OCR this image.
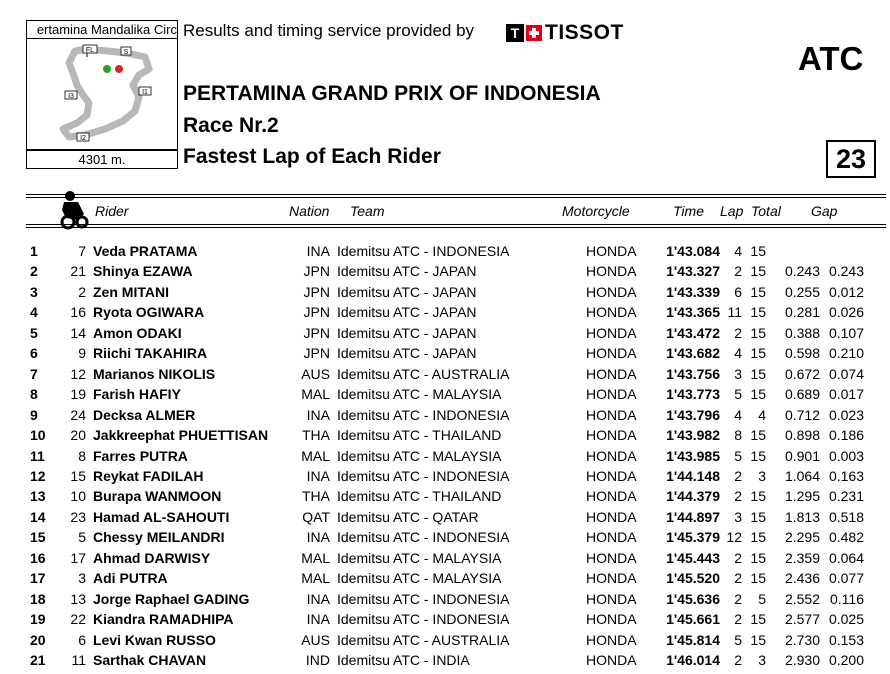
ertamina Mandalika Circ Results and timing service provided by	T TISSOT
FL	S
I3
I1
I2
4301 m.
PERTAMINA GRAND PRIX OF INDONESIA
Race Nr.2
Fastest Lap of Each Rider
ATC
23
Rider	Nation Team	Motorcycle	Time Lap Total Gap
1	7 Veda PRATAMA	INA Idemitsu ATC - INDONESIA	HONDA	1'43.084	4 15
2	21 Shinya EZAWA	JPN Idemitsu ATC - JAPAN	HONDA	1'43.327	2 15	0.243 0.243
3	2 Zen MITANI	JPN Idemitsu ATC - JAPAN	HONDA	1'43.339	6 15	0.255 0.012
4	16 Ryota OGIWARA	JPN Idemitsu ATC - JAPAN	HONDA	1'43.365 11 15	0.281 0.026
5	14 Amon ODAKI	JPN Idemitsu ATC - JAPAN	HONDA	1'43.472	2 15	0.388 0.107
6	9 Riichi TAKAHIRA	JPN Idemitsu ATC - JAPAN	HONDA	1'43.682	4 15	0.598 0.210
7	12 Marianos NIKOLIS	AUS Idemitsu ATC - AUSTRALIA	HONDA	1'43.756	3 15	0.672 0.074
8	19 Farish HAFIY	MAL Idemitsu ATC - MALAYSIA	HONDA	1'43.773	5 15	0.689 0.017
9	24 Decksa ALMER	INA Idemitsu ATC - INDONESIA	HONDA	1'43.796	4	4	0.712 0.023
10	20 Jakkreephat PHUETTISAN	THA Idemitsu ATC - THAILAND	HONDA	1'43.982	8 15	0.898 0.186
11	8 Farres PUTRA	MAL Idemitsu ATC - MALAYSIA	HONDA	1'43.985	5 15	0.901 0.003
12	15 Reykat FADILAH	INA Idemitsu ATC - INDONESIA	HONDA	1'44.148	2	3	1.064 0.163
13	10 Burapa WANMOON	THA Idemitsu ATC - THAILAND	HONDA	1'44.379	2 15	1.295 0.231
14	23 Hamad AL-SAHOUTI	QAT Idemitsu ATC - QATAR	HONDA	1'44.897	3 15	1.813 0.518
15	5 Chessy MEILANDRI	INA Idemitsu ATC - INDONESIA	HONDA	1'45.379 12 15	2.295 0.482
16	17 Ahmad DARWISY	MAL Idemitsu ATC - MALAYSIA	HONDA	1'45.443	2 15	2.359 0.064
17	3 Adi PUTRA	MAL Idemitsu ATC - MALAYSIA	HONDA	1'45.520	2 15	2.436 0.077
18	13 Jorge Raphael GADING	INA Idemitsu ATC - INDONESIA	HONDA	1'45.636	2	5	2.552 0.116
19	22 Kiandra RAMADHIPA	INA Idemitsu ATC - INDONESIA	HONDA	1'45.661	2 15	2.577 0.025
20	6 Levi Kwan RUSSO	AUS Idemitsu ATC - AUSTRALIA	HONDA	1'45.814	5 15	2.730 0.153
21	11 Sarthak CHAVAN	IND Idemitsu ATC - INDIA	HONDA	1'46.014	2	3	2.930 0.200
